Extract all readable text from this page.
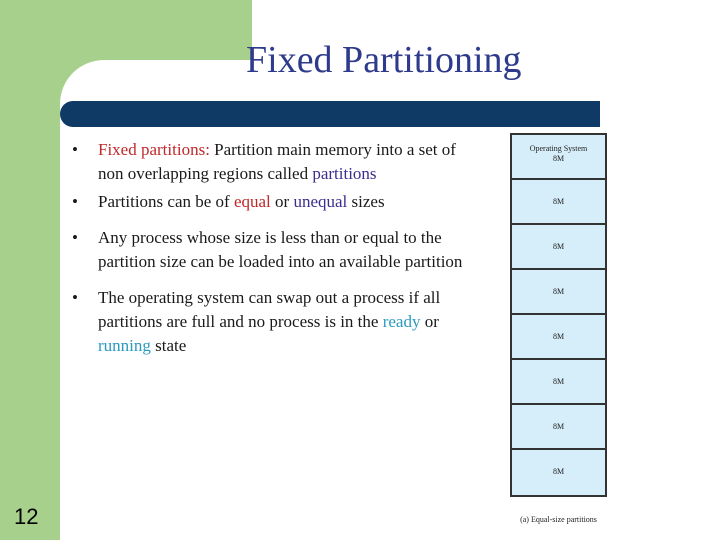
Fixed Partitioning
• Fixed partitions: Partition main memory into a set of non overlapping regions called partitions
• Partitions can be of equal or unequal sizes
• Any process whose size is less than or equal to the partition size can be loaded into an available partition
• The operating system can swap out a process if all partitions are full and no process is in the ready or running state
Operating System
8M
8M
8M
8M
8M
8M
8M
8M
(a) Equal-size partitions
12
